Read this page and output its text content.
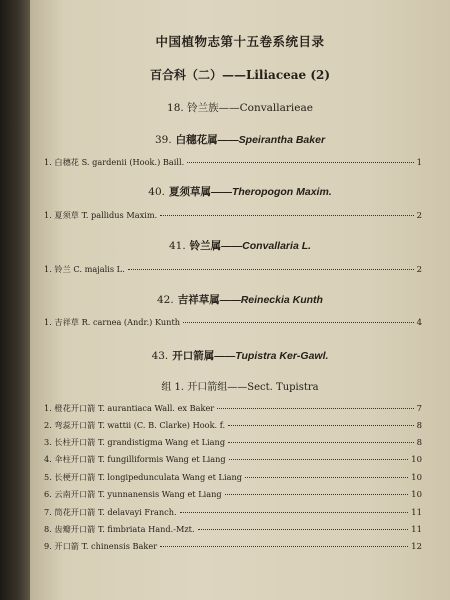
中国植物志第十五卷系统目录
百合科（二）——Liliaceae (2)
18. 铃兰族——Convallarieae
39. 白穗花属——Speirantha Baker
1. 白穗花 S. gardenii (Hook.) Baill.	1
40. 夏须草属——Theropogon Maxim.
1. 夏须草 T. pallidus Maxim.	2
41. 铃兰属——Convallaria L.
1. 铃兰 C. majalis L.	2
42. 吉祥草属——Reineckia Kunth
1. 吉祥草 R. carnea (Andr.) Kunth	4
43. 开口箭属——Tupistra Ker-Gawl.
组 1. 开口箭组——Sect. Tupistra
1. 橙花开口箭 T. aurantiaca Wall. ex Baker	7
2. 弯蕊开口箭 T. wattii (C. B. Clarke) Hook. f.	8
3. 长柱开口箭 T. grandistigma Wang et Liang	8
4. 伞柱开口箭 T. fungilliformis Wang et Liang	10
5. 长梗开口箭 T. longipedunculata Wang et Liang	10
6. 云南开口箭 T. yunnanensis Wang et Liang	10
7. 筒花开口箭 T. delavayi Franch.	11
8. 齿瓣开口箭 T. fimbriata Hand.-Mzt.	11
9. 开口箭 T. chinensis Baker	12
